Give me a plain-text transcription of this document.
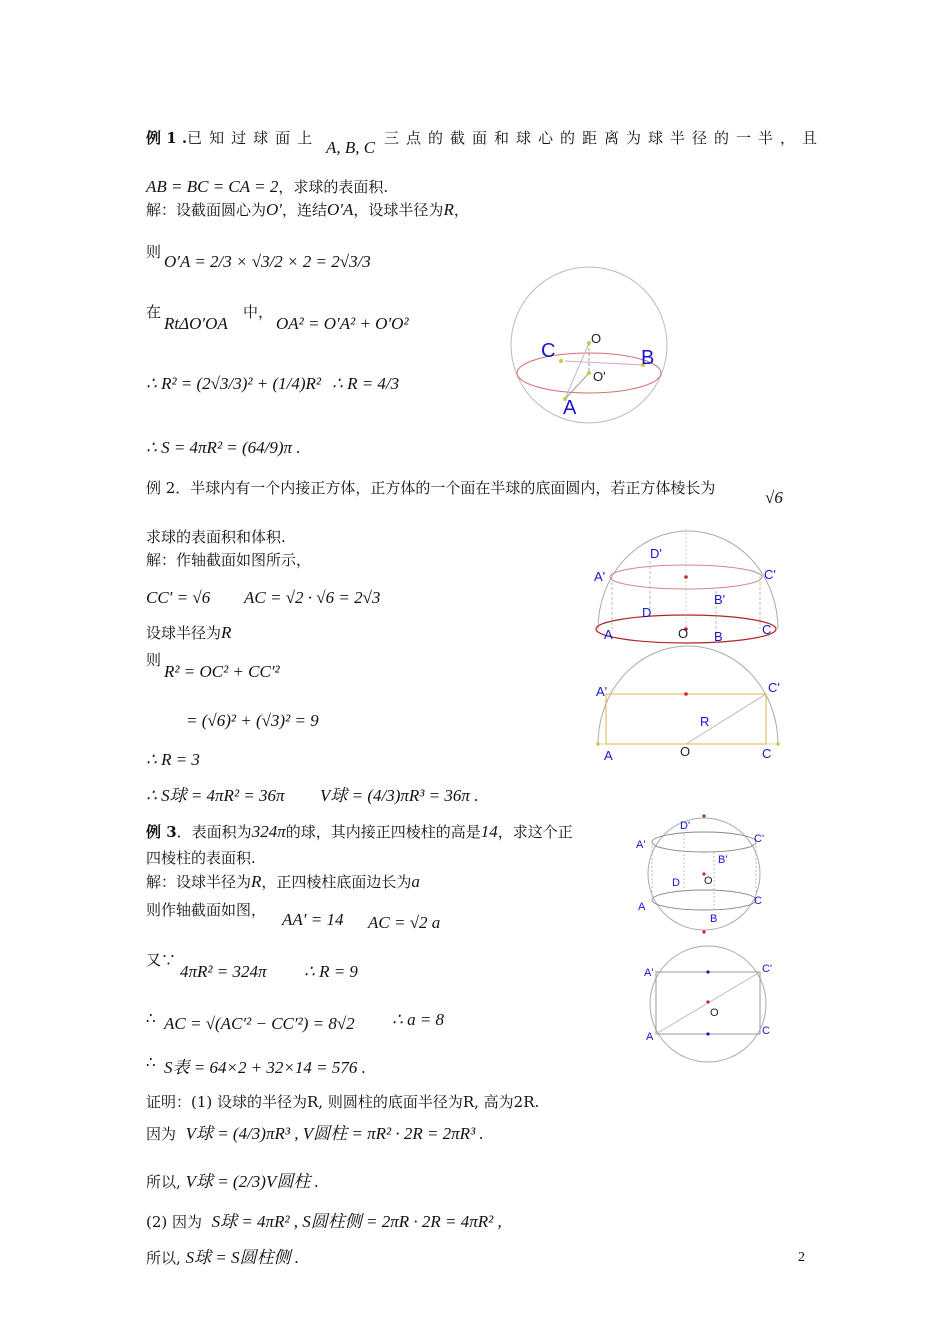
例 1 .已知过球面上 A, B, C 三点的截面和球心的距离为球半径的一半，且
AB = BC = CA = 2，求球的表面积.
解：设截面圆心为O′，连结O′A，设球半径为R，
则 O′A = 2/3 × √3/2 × 2 = 2√3/3
在
RtΔO′OA
中，
OA² = O′A² + O′O²
∴ R² = (2√3/3)² + (1/4)R² ∴ R = 4/3
∴ S = 4πR² = (64/9)π .
C
O
B
O'
A
例 2．半球内有一个内接正方体，正方体的一个面在半球的底面圆内，若正方体棱长为	√6
求球的表面积和体积.
解：作轴截面如图所示，
CC′ = √6 AC = √2 · √6 = 2√3
设球半径为R
则
R² = OC² + CC′²
= (√6)² + (√3)² = 9
∴ R = 3
∴ S球 = 4πR² = 36π V球 = (4/3)πR³ = 36π .
D'
A'	C'
B'
D
A	O B	C
A'	C'
R
A	O	C
例 3．表面积为324π的球，其内接正四棱柱的高是14，求这个正
四棱柱的表面积.
解：设球半径为R，正四棱柱底面边长为a
则作轴截面如图， AA′ = 14 AC = √2 a
又∵
4πR² = 324π ∴ R = 9
∴ AC = √(AC′² − CC′²) = 8√2 ∴ a = 8
∴ S表 = 64×2 + 32×14 = 576 .
D'
A'	C'
B'
D O
A
B
C
A'	C'
O
A	C
证明：(1) 设球的半径为R, 则圆柱的底面半径为R, 高为2R.
因为 V球 = (4/3)πR³ , V圆柱 = πR² · 2R = 2πR³ .
所以, V球 = (2/3)V圆柱 .
(2) 因为 S球 = 4πR² , S圆柱侧 = 2πR · 2R = 4πR² ,
所以, S球 = S圆柱侧 .	2
